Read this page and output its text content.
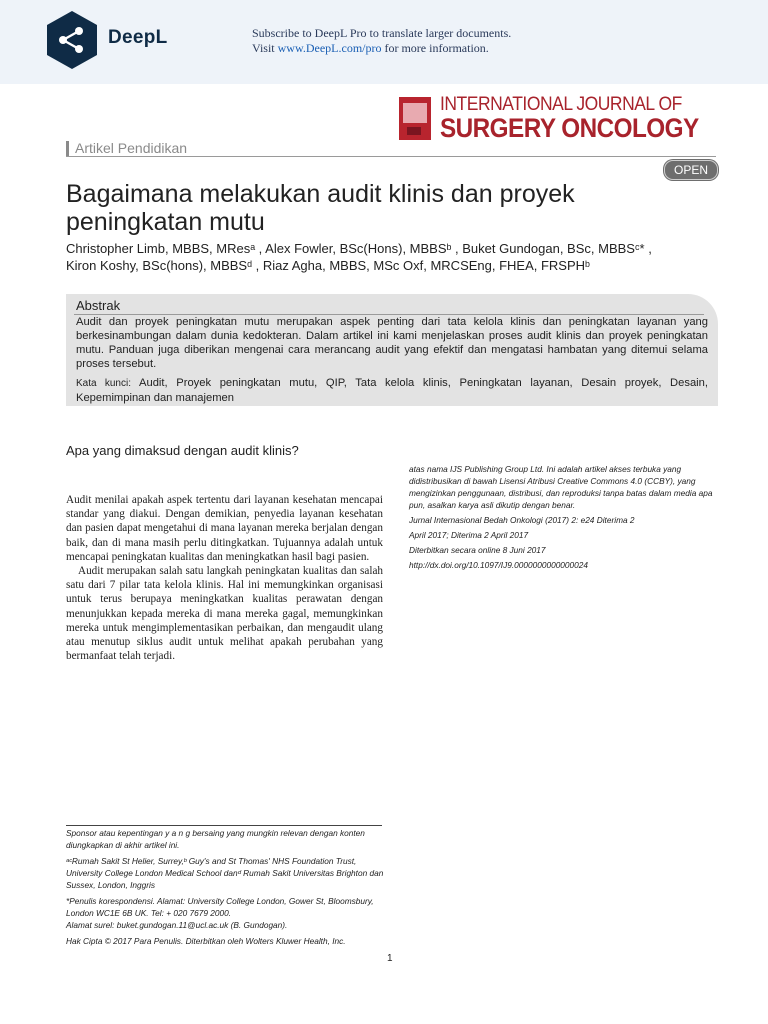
DeepL	Subscribe to DeepL Pro to translate larger documents.
Visit www.DeepL.com/pro for more information.
INTERNATIONAL JOURNAL OF
SURGERY ONCOLOGY
Artikel Pendidikan
OPEN
Bagaimana melakukan audit klinis dan proyek peningkatan mutu
Christopher Limb, MBBS, MResᵃ , Alex Fowler, BSc(Hons), MBBSᵇ , Buket Gundogan, BSc, MBBSᶜ* ,
Kiron Koshy, BSc(hons), MBBSᵈ , Riaz Agha, MBBS, MSc Oxf, MRCSEng, FHEA, FRSPHᵇ
Abstrak
Audit dan proyek peningkatan mutu merupakan aspek penting dari tata kelola klinis dan peningkatan layanan yang berkesinambungan dalam dunia kedokteran. Dalam artikel ini kami menjelaskan proses audit klinis dan proyek peningkatan mutu. Panduan juga diberikan mengenai cara merancang audit yang efektif dan mengatasi hambatan yang ditemui selama proses tersebut.
Kata kunci: Audit, Proyek peningkatan mutu, QIP, Tata kelola klinis, Peningkatan layanan, Desain proyek, Desain, Kepemimpinan dan manajemen
Apa yang dimaksud dengan audit klinis?

Audit menilai apakah aspek tertentu dari layanan kesehatan mencapai standar yang diakui. Dengan demikian, penyedia layanan kesehatan dan pasien dapat mengetahui di mana layanan mereka berjalan dengan baik, dan di mana masih perlu ditingkatkan. Tujuannya adalah untuk mencapai peningkatan kualitas dan meningkatkan hasil bagi pasien.

Audit merupakan salah satu langkah peningkatan kualitas dan salah satu dari 7 pilar tata kelola klinis. Hal ini memungkinkan organisasi untuk terus berupaya meningkatkan kualitas perawatan dengan menunjukkan kepada mereka di mana mereka gagal, memungkinkan mereka untuk mengimplementasikan perbaikan, dan mengaudit ulang atau menutup siklus audit untuk melihat apakah perubahan yang bermanfaat telah terjadi.

atas nama IJS Publishing Group Ltd. Ini adalah artikel akses terbuka yang didistribusikan di bawah Lisensi Atribusi Creative Commons 4.0 (CCBY), yang mengizinkan penggunaan, distribusi, dan reproduksi tanpa batas dalam media apa pun, asalkan karya asli dikutip dengan benar.

Jurnal Internasional Bedah Onkologi (2017) 2: e24 Diterima 2

April 2017; Diterima 2 April 2017

Diterbitkan secara online 8 Juni 2017

http://dx.doi.org/10.1097/IJ9.0000000000000024

Sponsor atau kepentingan y a n g bersaing yang mungkin relevan dengan konten diungkapkan di akhir artikel ini.

ᵃᶜRumah Sakit St Helier, Surrey,ᵇ Guy's and St Thomas' NHS Foundation Trust, University College London Medical School danᵈ Rumah Sakit Universitas Brighton dan Sussex, London, Inggris

*Penulis korespondensi. Alamat: University College London, Gower St, Bloomsbury, London WC1E 6B UK. Tel: + 020 7679 2000.

Alamat surel: buket.gundogan.11@ucl.ac.uk (B. Gundogan).

Hak Cipta © 2017 Para Penulis. Diterbitkan oleh Wolters Kluwer Health, Inc.

1
